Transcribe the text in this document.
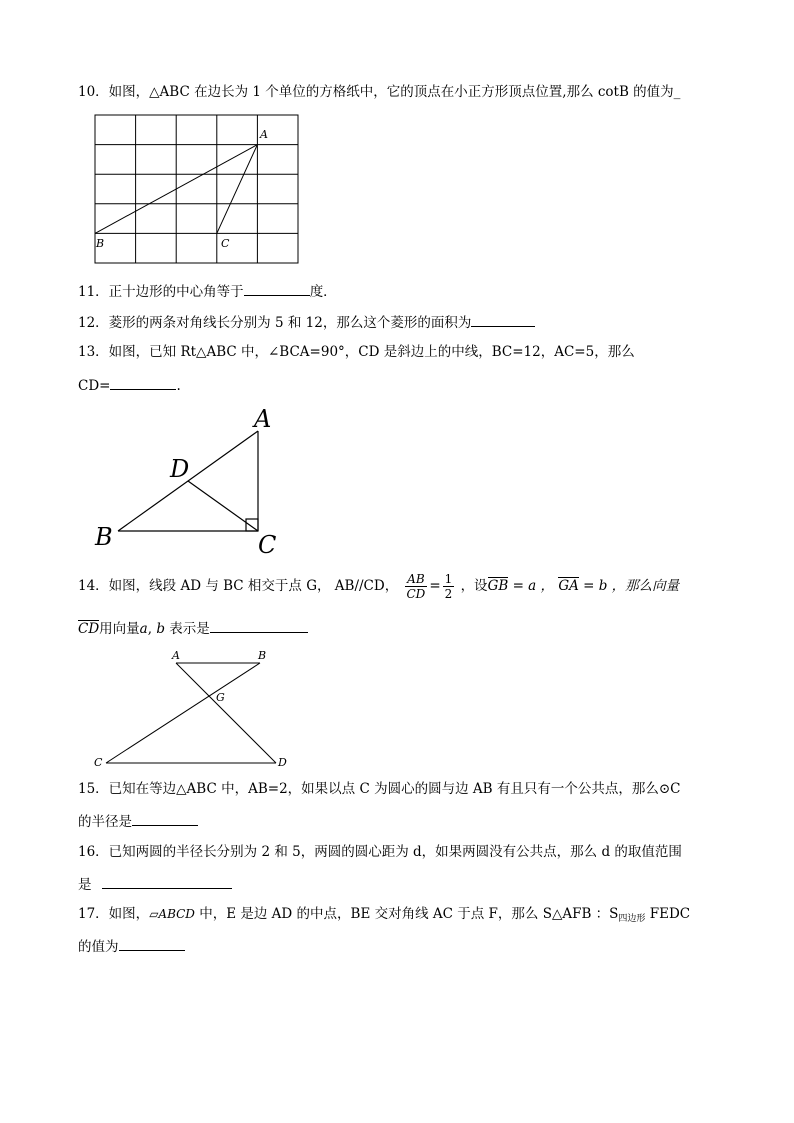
10．如图，△ABC 在边长为 1 个单位的方格纸中，它的顶点在小正方形顶点位置,那么 cotB 的值为_
A
B	C
11．正十边形的中心角等于	度．
12．菱形的两条对角线长分别为 5 和 12，那么这个菱形的面积为
13．如图，已知 Rt△ABC 中，∠BCA=90°，CD 是斜边上的中线，BC=12，AC=5，那么
CD=	.
A
B	C
D
14．如图，线段 AD 与 BC 相交于点 G， AB//CD， $\frac{AB}{CD} = \frac{1}{2}$ ，设GB = a ， GA = b ，那么向量
CD用向量a, b 表示是
A	B
C	D
G
15．已知在等边△ABC 中，AB=2，如果以点 C 为圆心的圆与边 AB 有且只有一个公共点，那么⊙C
的半径是
16．已知两圆的半径长分别为 2 和 5，两圆的圆心距为 d，如果两圆没有公共点，那么 d 的取值范围
是
17．如图，▱ABCD 中，E 是边 AD 的中点，BE 交对角线 AC 于点 F，那么 S△AFB ：$S_{四边形}$ FEDC
的值为
